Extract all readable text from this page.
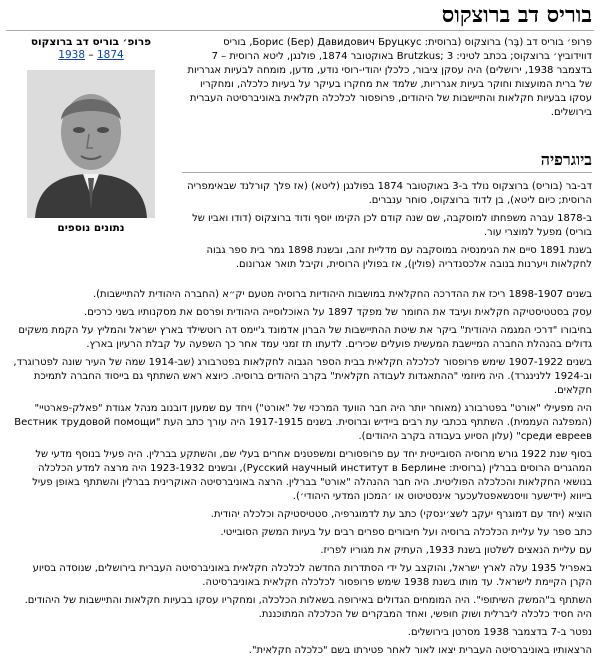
בוריס דב ברוצקוס
פרופ׳ בוריס דב ברוצקוס
1874 – 1938
נתונים נוספים
פרופ׳ בוריס דב (בֶּר) ברוצקוס (ברוסית: Борис (Бер) Давидович Бруцкус, בוריס דווידוביץ׳ ברוצקוס; בכתב לטיני: Brutzkus; 3 באוקטובר 1874, פולנגן, ליטא הרוסית – 7 בדצמבר 1938, ירושלים) היה עסקן ציבור, כלכלן יהודי-רוסי נודע, מדען, מומחה לבעיות אגרריות של ברית המועצות וחוקר בעיות אגרריות, שלמד את מחקרו בעיקר על בעיות כלכלה, ומחקריו עסקו בבעיות חקלאות והתיישבות של היהודים, פרופסור לכלכלה חקלאית באוניברסיטה העברית בירושלים.
ביוגרפיה

דב-בר (בוריס) ברוצקוס נולד ב-3 באוקטובר 1874 בפולנגן (ליטא) (אז פלך קורלנד שבאימפריה הרוסית; כיום ליטא), בן לדוד ברוצקוס, סוחר ענברים.

ב-1878 עברה משפחתו למוסקבה, שם שנה קודם לכן הקימו יוסף ודוד ברוצקוס (דודו ואביו של בוריס) מפעל למוצרי עור.

בשנת 1891 סיים את הגימנסיה במוסקבה עם מדליית זהב, ובשנת 1898 גמר בית ספר גבוה לחקלאות ויערנות בנובה אלכסנדריה (פולין), אז בפולין הרוסית, וקיבל תואר אגרונום.

בשנים 1898-1907 ריכז את ההדרכה החקלאית במושבות היהודיות ברוסיה מטעם יק״א (החברה היהודית להתיישבות).

עסק בסטטיסטיקה חקלאית ועיבד את החומר של מפקד 1897 על האוכלוסייה היהודית ופרסם את מסקנותיו בשני כרכים.

בחיבורו "דרכי המגמה היהודית" ביקר את שיטת ההתיישבות של הברון אדמונד ג'יימס דה רוטשילד בארץ ישראל והמליץ על הקמת משקים גדולים בהנהלת החברה המיישבת המעשית פועלים שכירים. לדעתו תז זמני עמד אחר כך השפעה על קבלת הרעיון בארץ.

בשנים 1907-1922 שימש פרופסור לכלכלה חקלאית בבית הספר הגבוה לחקלאות בפטרבורג (שב-1914 שמה של העיר שונה לפטרוגרד, וב-1924 ללנינגרד). היה מיוזמי "ההתאגדות לעבודה חקלאית" בקרב היהודים ברוסיה. כיוצא ראש השתתף גם בייסוד החברה לתמיכת חקלאים.

היה מפעילי "אורט" בפטרבורג (מאוחר יותר היה חבר הוועד המרכזי של "אורט") ויחד עם שמעון דובנוב מנהל אגודת "פאלק-פארטיי" (המפלגה העממית). השתתף בכתבי עת רבים ביידיש וברוסית. בשנים 1917-1915 היה עורך כתב העת "Вестник трудовой помощи среди евреев" (עלון הסיוע בעבודה בקרב היהודים).

בסוף שנת 1922 גורש מרוסיה הסובייטית יחד עם פרופסורים ומשפטנים אחרים בעלי שם, והשתקע בברלין. היה פעיל בנוסף מדעי של המהגרים הרוסים בברלין (ברוסית: Русский научный институт в Берлине), ובשנים 1923-1932 היה מרצה למדע הכלכלה בנושאי החקלאות והכלכלה הפוליטית. היה חבר ההנהלה "אורט" בברלין. הרצה באוניברסיטה האוקרינית בברלין והשתתף באופן פעיל בייווא (יידישער וויסנשאפטלעכער אינסטיטוט או ׳המכון המדעי היהודי׳).

הוציא (יחד עם דמוגרף יעקב לשצ׳ינסקי) כתב עת לדמוגרפיה, סטטיסטיקה וכלכלה יהודית.

כתב ספר על עליית הכלכלה ברוסיה ועל חיבורים ספרים רבים על בעיות המשק הסובייטי.

עם עליית הנאצים לשלטון בשנת 1933, העתיק את מגוריו לפריז.

באפריל 1935 עלה לארץ ישראל, והוקצב על ידי הסתדרות החדשה לכלכלה חקלאית באוניברסיטה העברית בירושלים, שנוסדה בסיוע הקרן הקיימת לישראל. עד מותו בשנת 1938 שימש פרופסור לכלכלה חקלאית באוניברסיטה.

השתתף ב"המשק השיתופי". היה המומחים הגדולים באירופה בשאלות הכלכלה, ומחקריו עסקו בבעיות חקלאות והתיישבות של היהודים. היה חסיד כלכלה ליברלית ושוק חופשי, ואחד המבקרים של הכלכלה המתוכננת.

נפטר ב-7 בדצמבר 1938 מסרטן בירושלים.

הרצאותיו באוניברסיטה העברית יצאו לאור לאחר פטירתו בשם "כלכלה חקלאית".
